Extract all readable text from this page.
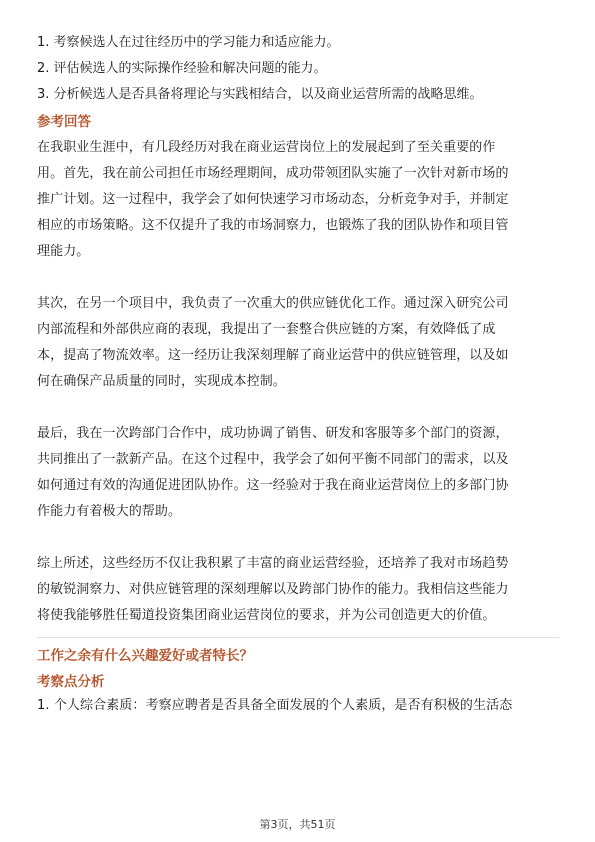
1. 考察候选人在过往经历中的学习能力和适应能力。
2. 评估候选人的实际操作经验和解决问题的能力。
3. 分析候选人是否具备将理论与实践相结合，以及商业运营所需的战略思维。
参考回答
在我职业生涯中，有几段经历对我在商业运营岗位上的发展起到了至关重要的作
用。首先，我在前公司担任市场经理期间，成功带领团队实施了一次针对新市场的
推广计划。这一过程中，我学会了如何快速学习市场动态，分析竞争对手，并制定
相应的市场策略。这不仅提升了我的市场洞察力，也锻炼了我的团队协作和项目管
理能力。
其次，在另一个项目中，我负责了一次重大的供应链优化工作。通过深入研究公司
内部流程和外部供应商的表现，我提出了一套整合供应链的方案，有效降低了成
本，提高了物流效率。这一经历让我深刻理解了商业运营中的供应链管理，以及如
何在确保产品质量的同时，实现成本控制。
最后，我在一次跨部门合作中，成功协调了销售、研发和客服等多个部门的资源，
共同推出了一款新产品。在这个过程中，我学会了如何平衡不同部门的需求，以及
如何通过有效的沟通促进团队协作。这一经验对于我在商业运营岗位上的多部门协
作能力有着极大的帮助。
综上所述，这些经历不仅让我积累了丰富的商业运营经验，还培养了我对市场趋势
的敏锐洞察力、对供应链管理的深刻理解以及跨部门协作的能力。我相信这些能力
将使我能够胜任蜀道投资集团商业运营岗位的要求，并为公司创造更大的价值。
工作之余有什么兴趣爱好或者特长？
考察点分析
1. 个人综合素质：考察应聘者是否具备全面发展的个人素质，是否有积极的生活态
第3页，共51页
